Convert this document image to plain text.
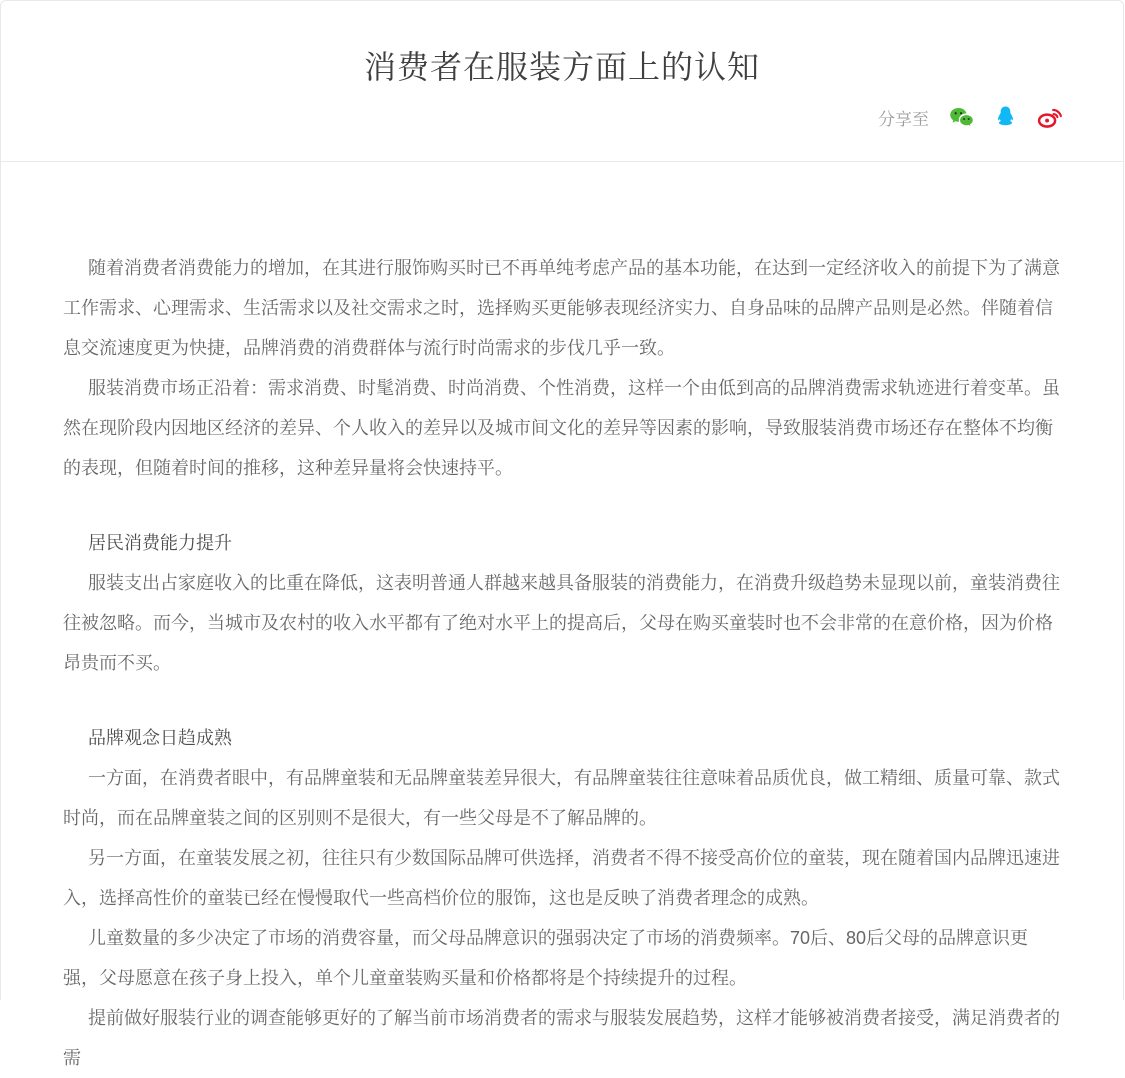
消费者在服装方面上的认知
分享至

随着消费者消费能力的增加，在其进行服饰购买时已不再单纯考虑产品的基本功能，在达到一定经济收入的前提下为了满意工作需求、心理需求、生活需求以及社交需求之时，选择购买更能够表现经济实力、自身品味的品牌产品则是必然。伴随着信息交流速度更为快捷，品牌消费的消费群体与流行时尚需求的步伐几乎一致。

服装消费市场正沿着：需求消费、时髦消费、时尚消费、个性消费，这样一个由低到高的品牌消费需求轨迹进行着变革。虽然在现阶段内因地区经济的差异、个人收入的差异以及城市间文化的差异等因素的影响，导致服装消费市场还存在整体不均衡的表现，但随着时间的推移，这种差异量将会快速持平。

居民消费能力提升

服装支出占家庭收入的比重在降低，这表明普通人群越来越具备服装的消费能力，在消费升级趋势未显现以前，童装消费往往被忽略。而今，当城市及农村的收入水平都有了绝对水平上的提高后，父母在购买童装时也不会非常的在意价格，因为价格昂贵而不买。

品牌观念日趋成熟

一方面，在消费者眼中，有品牌童装和无品牌童装差异很大，有品牌童装往往意味着品质优良，做工精细、质量可靠、款式时尚，而在品牌童装之间的区别则不是很大，有一些父母是不了解品牌的。

另一方面，在童装发展之初，往往只有少数国际品牌可供选择，消费者不得不接受高价位的童装，现在随着国内品牌迅速进入，选择高性价的童装已经在慢慢取代一些高档价位的服饰，这也是反映了消费者理念的成熟。

儿童数量的多少决定了市场的消费容量，而父母品牌意识的强弱决定了市场的消费频率。70后、80后父母的品牌意识更强，父母愿意在孩子身上投入，单个儿童童装购买量和价格都将是个持续提升的过程。

提前做好服装行业的调查能够更好的了解当前市场消费者的需求与服装发展趋势，这样才能够被消费者接受，满足消费者的需
